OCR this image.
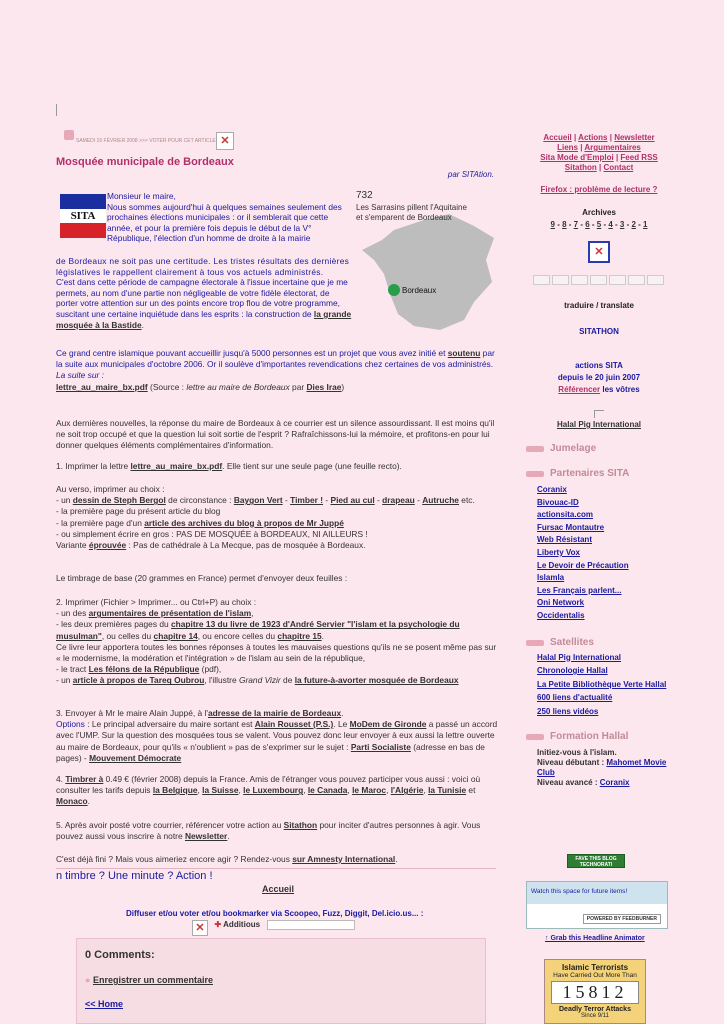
SAMEDI 16 FÉVRIER 2008 >>> VOTER POUR CET ARTICLE ✕
Mosquée municipale de Bordeaux
par SITAtion.
SITA

Monsieur le maire,

Nous sommes aujourd'hui à quelques semaines seulement des prochaines élections municipales : or il semblerait que cette année, et pour la première fois depuis le début de la V° République, l'élection d'un homme de droite à la mairie

732
Les Sarrasins pillent l'Aquitaine
et s'emparent de Bordeaux
Bordeaux

de Bordeaux ne soit pas une certitude. Les tristes résultats des dernières législatives le rappellent clairement à tous vos actuels administrés.

C'est dans cette période de campagne électorale à l'issue incertaine que je me permets, au nom d'une partie non négligeable de votre fidèle électorat, de porter votre attention sur un des points encore trop flou de votre programme, suscitant une certaine inquiétude dans les esprits : la construction de la grande mosquée à la Bastide.

Ce grand centre islamique pouvant accueillir jusqu'à 5000 personnes est un projet que vous avez initié et soutenu par la suite aux municipales d'octobre 2006. Or il soulève d'importantes revendications chez certaines de vos administrés.

La suite sur :

lettre_au_maire_bx.pdf (Source : lettre au maire de Bordeaux par Dies Irae)

Aux dernières nouvelles, la réponse du maire de Bordeaux à ce courrier est un silence assourdissant. Il est moins qu'il ne soit trop occupé et que la question lui soit sortie de l'esprit ? Rafraîchissons-lui la mémoire, et profitons-en pour lui donner quelques éléments complémentaires d'information.

1. Imprimer la lettre lettre_au_maire_bx.pdf. Elle tient sur une seule page (une feuille recto).

Au verso, imprimer au choix :

- un dessin de Steph Bergol de circonstance : Baygon Vert - Timber ! - Pied au cul - drapeau - Autruche etc.

- la première page du présent article du blog

- la première page d'un article des archives du blog à propos de Mr Juppé

- ou simplement écrire en gros : PAS DE MOSQUÉE à BORDEAUX, NI AILLEURS !

Variante éprouvée : Pas de cathédrale à La Mecque, pas de mosquée à Bordeaux.

Le timbrage de base (20 grammes en France) permet d'envoyer deux feuilles :

2. Imprimer (Fichier > Imprimer... ou Ctrl+P) au choix :

- un des argumentaires de présentation de l'islam,

- les deux premières pages du chapitre 13 du livre de 1923 d'André Servier "l'islam et la psychologie du musulman", ou celles du chapitre 14, ou encore celles du chapitre 15.

Ce livre leur apportera toutes les bonnes réponses à toutes les mauvaises questions qu'ils ne se posent même pas sur « le modernisme, la modération et l'intégration » de l'islam au sein de la république,

- le tract Les félons de la République (pdf),

- un article à propos de Tareq Oubrou, l'illustre Grand Vizir de la future-à-avorter mosquée de Bordeaux

3. Envoyer à Mr le maire Alain Juppé, à l'adresse de la mairie de Bordeaux.

Options : Le principal adversaire du maire sortant est Alain Rousset (P.S.). Le MoDem de Gironde a passé un accord avec l'UMP. Sur la question des mosquées tous se valent. Vous pouvez donc leur envoyer à eux aussi la lettre ouverte au maire de Bordeaux, pour qu'ils « n'oublient » pas de s'exprimer sur le sujet : Parti Socialiste (adresse en bas de pages) - Mouvement Démocrate

4. Timbrer à 0.49 € (février 2008) depuis la France. Amis de l'étranger vous pouvez participer vous aussi : voici où consulter les tarifs depuis la Belgique, la Suisse, le Luxembourg, le Canada, le Maroc, l'Algérie, la Tunisie et Monaco.

5. Après avoir posté votre courrier, référencer votre action au Sitathon pour inciter d'autres personnes à agir. Vous pouvez aussi vous inscrire à notre Newsletter.

C'est déjà fini ? Mais vous aimeriez encore agir ? Rendez-vous sur Amnesty International.

n timbre ? Une minute ? Action !
Accueil
Diffuser et/ou voter et/ou bookmarker via Scoopeo, Fuzz, Diggit, Del.icio.us... :
✕ ✚ Additious
0 Comments:
● Enregistrer un commentaire
<< Home
Accueil | Actions | Newsletter
Liens | Argumentaires
Sita Mode d'Emploi | Feed RSS
Sitathon | Contact
Firefox : problème de lecture ?
Archives
9 - 8 - 7 - 6 - 5 - 4 - 3 - 2 - 1
✕
traduire / translate
SITATHON
actions SITA
depuis le 20 juin 2007
Référencer les vôtres
Halal Pig International
Jumelage
Partenaires SITA
Coranix
Bivouac-ID
actionsita.com
Fursac Montautre
Web Résistant
Liberty Vox
Le Devoir de Précaution
Islamla
Les Français parlent...
Oni Network
Occidentalis
Satellites
Halal Pig International
Chronologie Hallal
La Petite Bibliothèque Verte Hallal
600 liens d'actualité
250 liens vidéos
Formation Hallal
Initiez-vous à l'islam.
Niveau débutant : Mahomet Movie Club
Niveau avancé : Coranix
FAVE THIS BLOG TECHNORATI
Watch this space for future items!
POWERED BY FEEDBURNER
↑ Grab this Headline Animator
Islamic Terrorists
Have Carried Out More Than
15812
Deadly Terror Attacks
Since 9/11
